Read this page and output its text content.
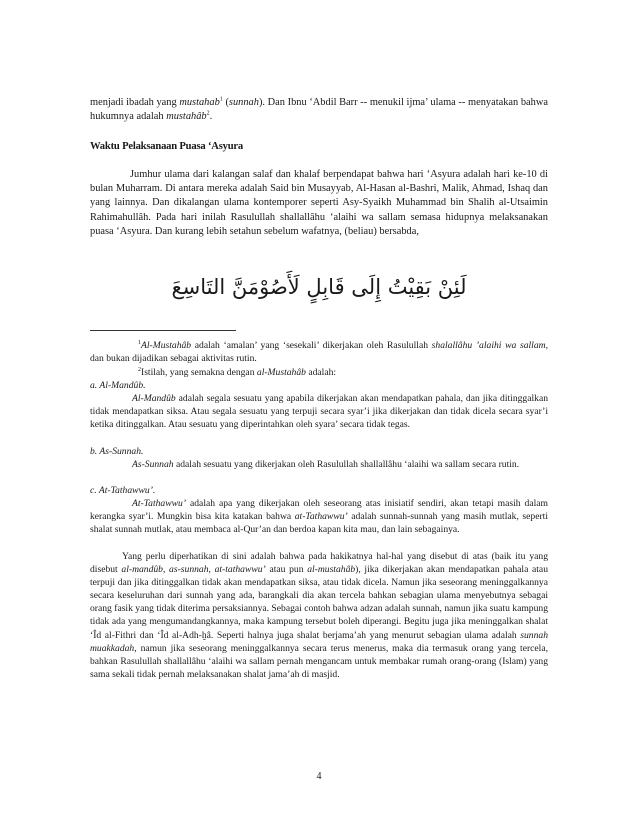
menjadi ibadah yang mustahab$^1$ (sunnah). Dan Ibnu ‘Abdil Barr -- menukil ijma’ ulama -- menyatakan bahwa hukumnya adalah mustahâb$^2$.
Waktu Pelaksanaan Puasa ‘Asyura
Jumhur ulama dari kalangan salaf dan khalaf berpendapat bahwa hari ‘Asyura adalah hari ke-10 di bulan Muharram. Di antara mereka adalah Said bin Musayyab, Al-Hasan al-Bashri, Malik, Ahmad, Ishaq dan yang lainnya. Dan dikalangan ulama kontemporer seperti Asy-Syaikh Muhammad bin Shalih al-Utsaimin Rahimahullâh. Pada hari inilah Rasulullah shallallâhu ‘alaihi wa sallam semasa hidupnya melaksanakan puasa ‘Asyura. Dan kurang lebih setahun sebelum wafatnya, (beliau) bersabda,
لَئِنْ بَقِيْتُ إِلَى قَابِلٍ لَأَصُوْمَنَّ التَاسِعَ
$^1$Al-Mustahâb adalah ‘amalan’ yang ‘sesekali’ dikerjakan oleh Rasulullah shalallâhu ’alaihi wa sallam, dan bukan dijadikan sebagai aktivitas rutin.
$^2$Istilah, yang semakna dengan al-Mustahâb adalah:
a. Al-Mandûb.
Al-Mandûb adalah segala sesuatu yang apabila dikerjakan akan mendapatkan pahala, dan jika ditinggalkan tidak mendapatkan siksa. Atau segala sesuatu yang terpuji secara syar’i jika dikerjakan dan tidak dicela secara syar’i ketika ditinggalkan. Atau sesuatu yang diperintahkan oleh syara’ secara tidak tegas.
b. As-Sunnah.
As-Sunnah adalah sesuatu yang dikerjakan oleh Rasulullah shallallâhu ‘alaihi wa sallam secara rutin.
c. At-Tathawwu’.
At-Tathawwu’ adalah apa yang dikerjakan oleh seseorang atas inisiatif sendiri, akan tetapi masih dalam kerangka syar’i. Mungkin bisa kita katakan bahwa at-Tathawwu’ adalah sunnah-sunnah yang masih mutlak, seperti shalat sunnah mutlak, atau membaca al-Qur’an dan berdoa kapan kita mau, dan lain sebagainya.
Yang perlu diperhatikan di sini adalah bahwa pada hakikatnya hal-hal yang disebut di atas (baik itu yang disebut al-mandûb, as-sunnah, at-tathawwu’ atau pun al-mustahâb), jika dikerjakan akan mendapatkan pahala atau terpuji dan jika ditinggalkan tidak akan mendapatkan siksa, atau tidak dicela. Namun jika seseorang meninggalkannya secara keseluruhan dari sunnah yang ada, barangkali dia akan tercela bahkan sebagian ulama menyebutnya sebagai orang fasik yang tidak diterima persaksiannya. Sebagai contoh bahwa adzan adalah sunnah, namun jika suatu kampung tidak ada yang mengumandangkannya, maka kampung tersebut boleh diperangi. Begitu juga jika meninggalkan shalat ‘Îd al-Fithri dan ‘Îd al-Adh-ḫâ. Seperti halnya juga shalat berjama’ah yang menurut sebagian ulama adalah sunnah muakkadah, namun jika seseorang meninggalkannya secara terus menerus, maka dia termasuk orang yang tercela, bahkan Rasulullah shallallâhu ‘alaihi wa sallam pernah mengancam untuk membakar rumah orang-orang (Islam) yang sama sekali tidak pernah melaksanakan shalat jama’ah di masjid.
4
